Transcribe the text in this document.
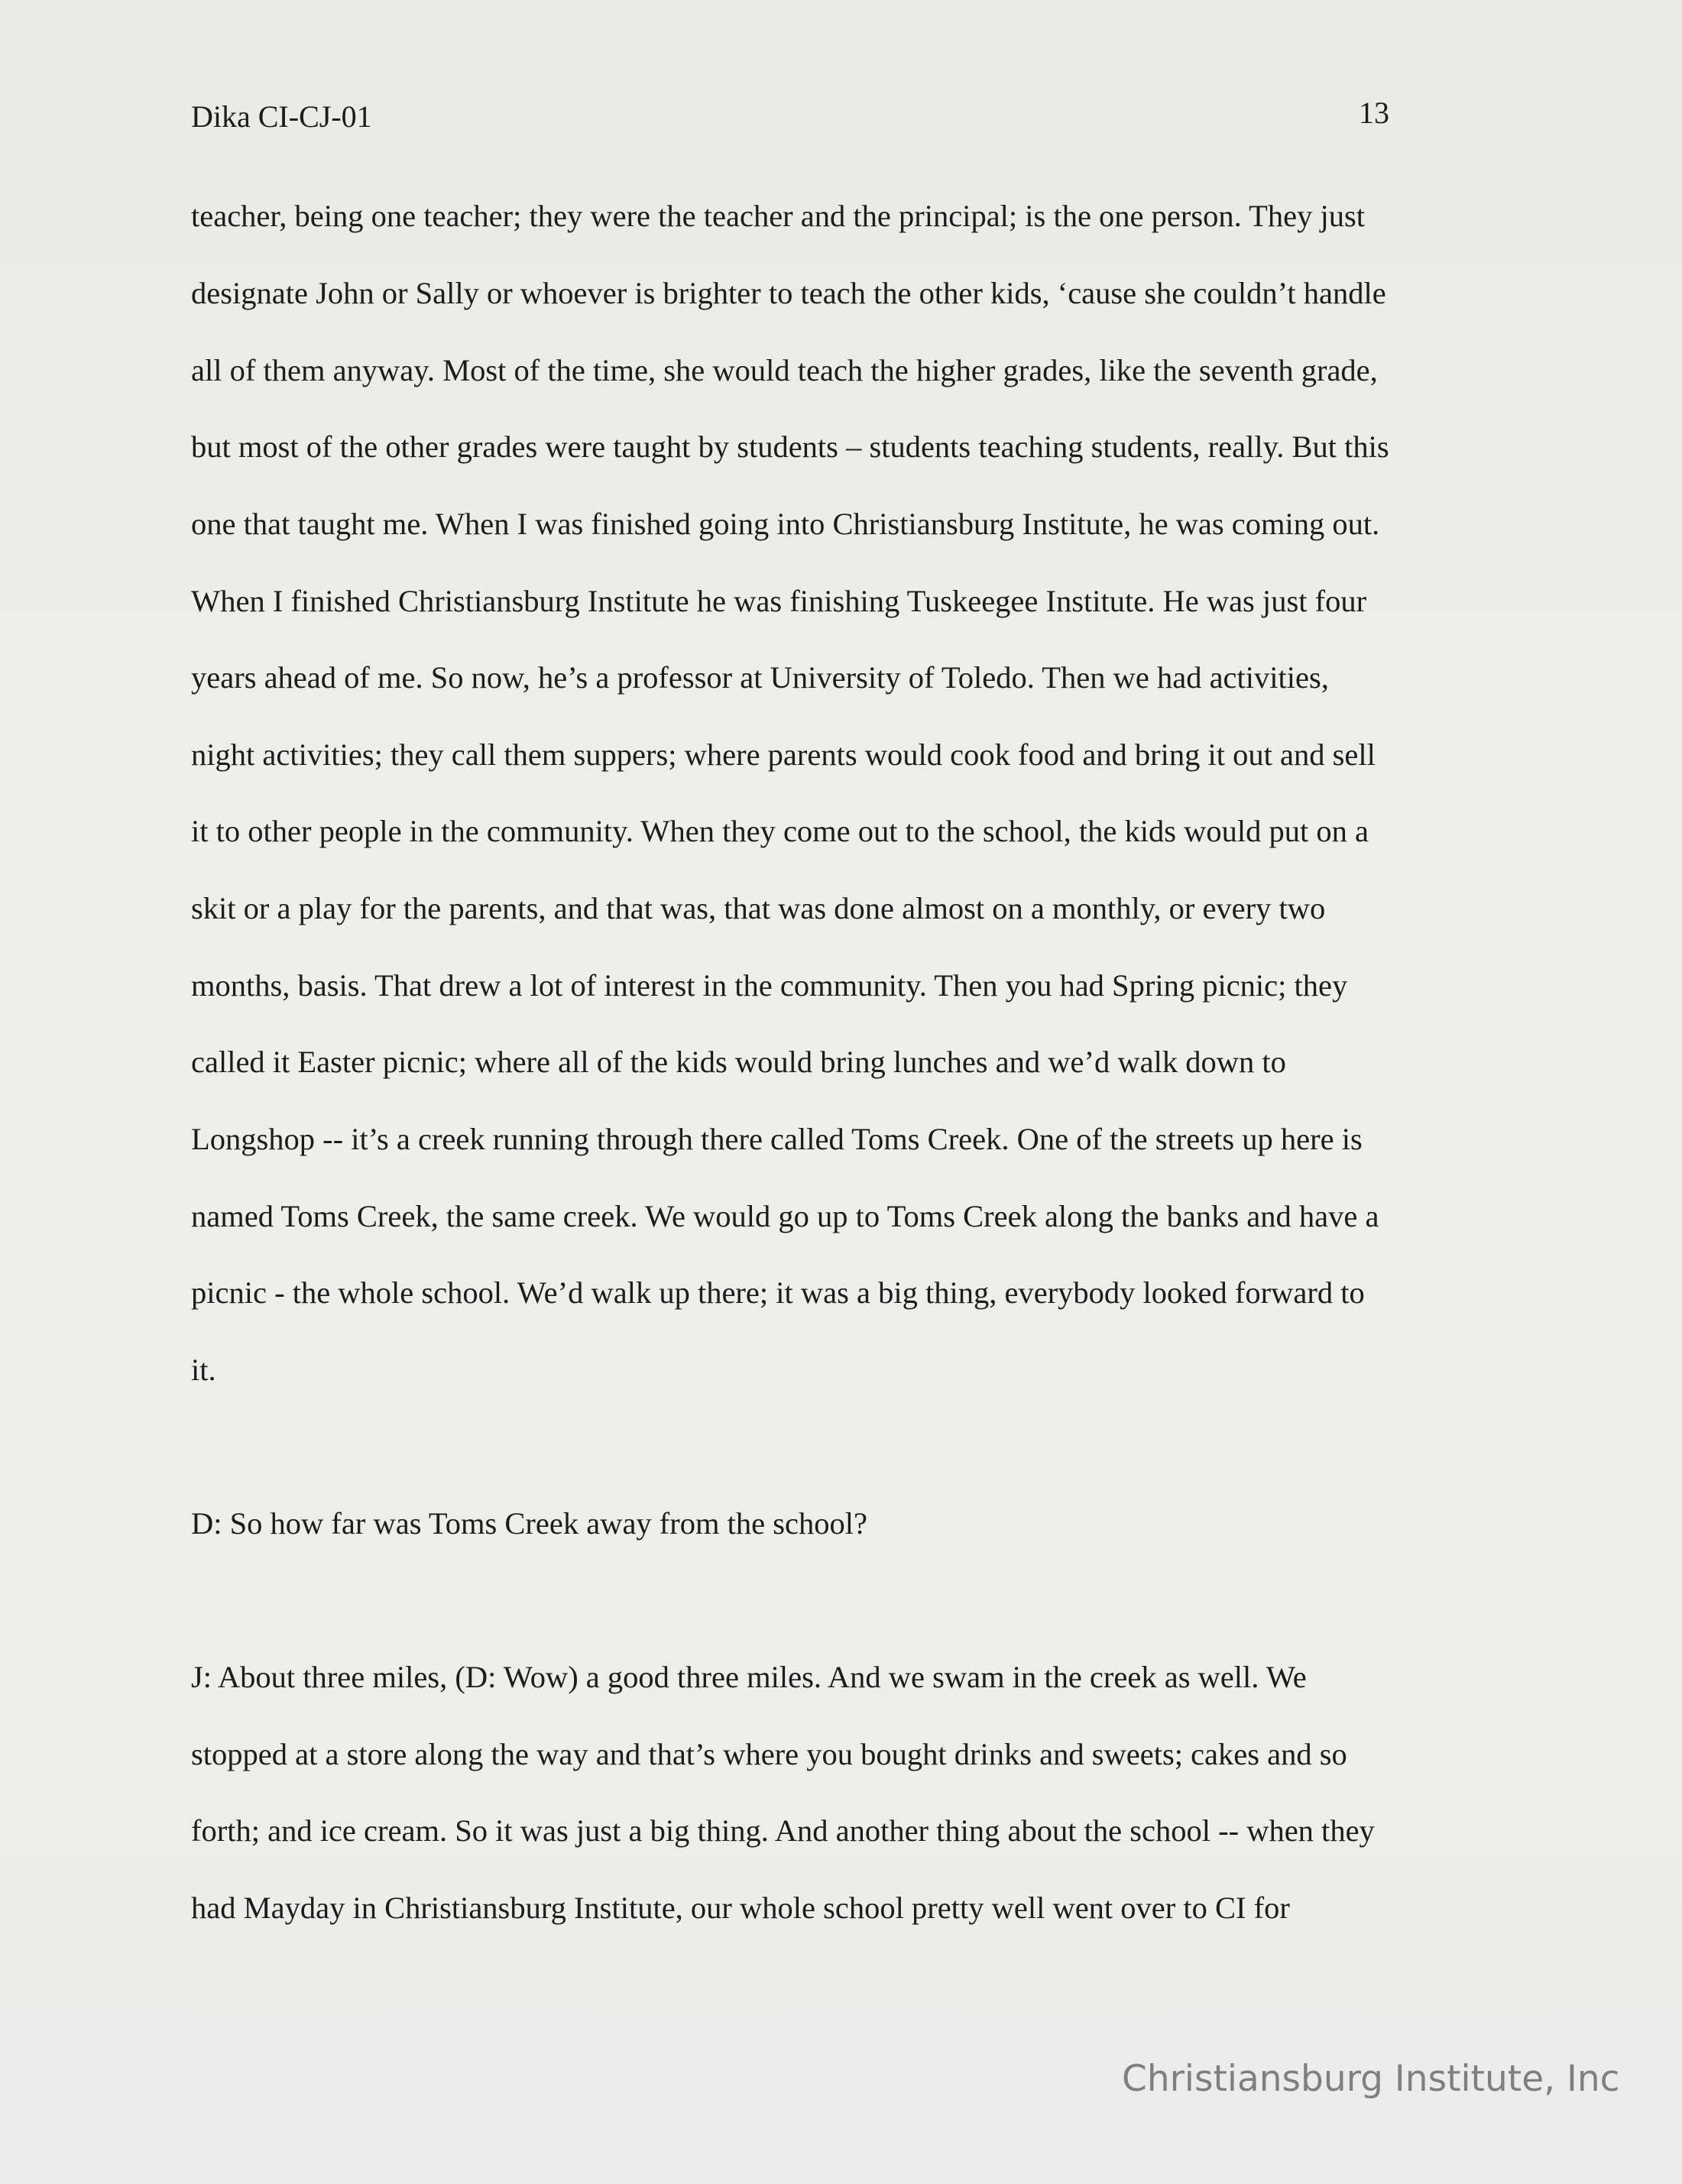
Dika CI-CJ-01	13
teacher, being one teacher; they were the teacher and the principal; is the one person. They just
designate John or Sally or whoever is brighter to teach the other kids, ‘cause she couldn’t handle
all of them anyway. Most of the time, she would teach the higher grades, like the seventh grade,
but most of the other grades were taught by students – students teaching students, really. But this
one that taught me. When I was finished going into Christiansburg Institute, he was coming out.
When I finished Christiansburg Institute he was finishing Tuskeegee Institute. He was just four
years ahead of me. So now, he’s a professor at University of Toledo. Then we had activities,
night activities; they call them suppers; where parents would cook food and bring it out and sell
it to other people in the community. When they come out to the school, the kids would put on a
skit or a play for the parents, and that was, that was done almost on a monthly, or every two
months, basis. That drew a lot of interest in the community. Then you had Spring picnic; they
called it Easter picnic; where all of the kids would bring lunches and we’d walk down to
Longshop -- it’s a creek running through there called Toms Creek. One of the streets up here is
named Toms Creek, the same creek. We would go up to Toms Creek along the banks and have a
picnic - the whole school. We’d walk up there; it was a big thing, everybody looked forward to
it.
D: So how far was Toms Creek away from the school?
J: About three miles, (D: Wow) a good three miles. And we swam in the creek as well. We
stopped at a store along the way and that’s where you bought drinks and sweets; cakes and so
forth; and ice cream. So it was just a big thing. And another thing about the school -- when they
had Mayday in Christiansburg Institute, our whole school pretty well went over to CI for
Christiansburg Institute, Inc
